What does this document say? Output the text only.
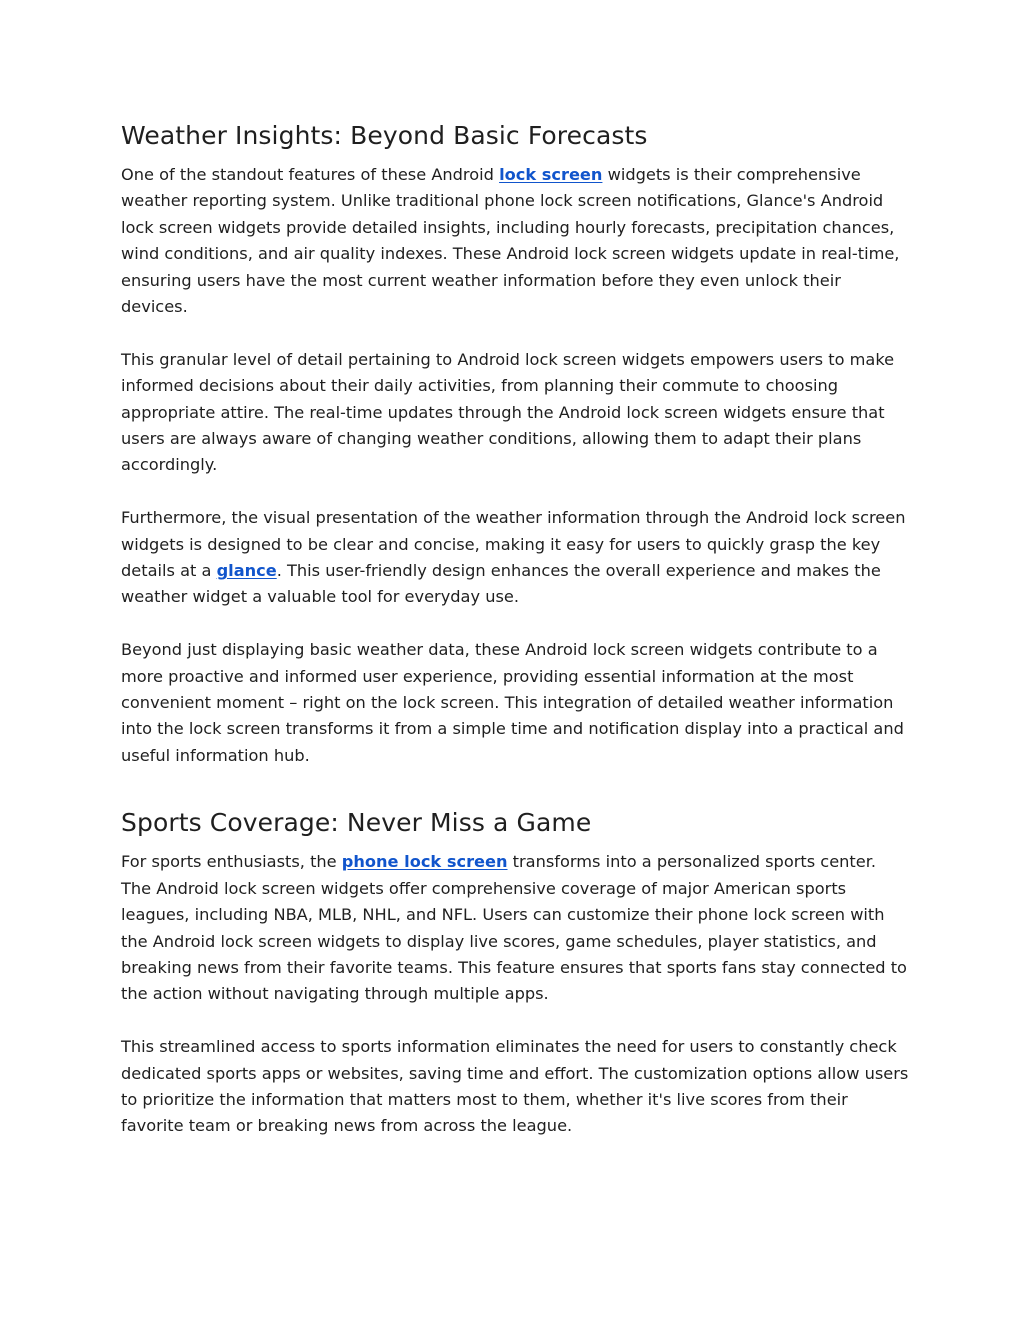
Weather Insights: Beyond Basic Forecasts

One of the standout features of these Android lock screen widgets is their comprehensive weather reporting system. Unlike traditional phone lock screen notifications, Glance's Android lock screen widgets provide detailed insights, including hourly forecasts, precipitation chances, wind conditions, and air quality indexes. These Android lock screen widgets update in real-time, ensuring users have the most current weather information before they even unlock their devices.

This granular level of detail pertaining to Android lock screen widgets empowers users to make informed decisions about their daily activities, from planning their commute to choosing appropriate attire. The real-time updates through the Android lock screen widgets ensure that users are always aware of changing weather conditions, allowing them to adapt their plans accordingly.

Furthermore, the visual presentation of the weather information through the Android lock screen widgets is designed to be clear and concise, making it easy for users to quickly grasp the key details at a glance. This user-friendly design enhances the overall experience and makes the weather widget a valuable tool for everyday use.

Beyond just displaying basic weather data, these Android lock screen widgets contribute to a more proactive and informed user experience, providing essential information at the most convenient moment – right on the lock screen. This integration of detailed weather information into the lock screen transforms it from a simple time and notification display into a practical and useful information hub.

Sports Coverage: Never Miss a Game

For sports enthusiasts, the phone lock screen transforms into a personalized sports center. The Android lock screen widgets offer comprehensive coverage of major American sports leagues, including NBA, MLB, NHL, and NFL. Users can customize their phone lock screen with the Android lock screen widgets to display live scores, game schedules, player statistics, and breaking news from their favorite teams. This feature ensures that sports fans stay connected to the action without navigating through multiple apps.

This streamlined access to sports information eliminates the need for users to constantly check dedicated sports apps or websites, saving time and effort. The customization options allow users to prioritize the information that matters most to them, whether it's live scores from their favorite team or breaking news from across the league.
